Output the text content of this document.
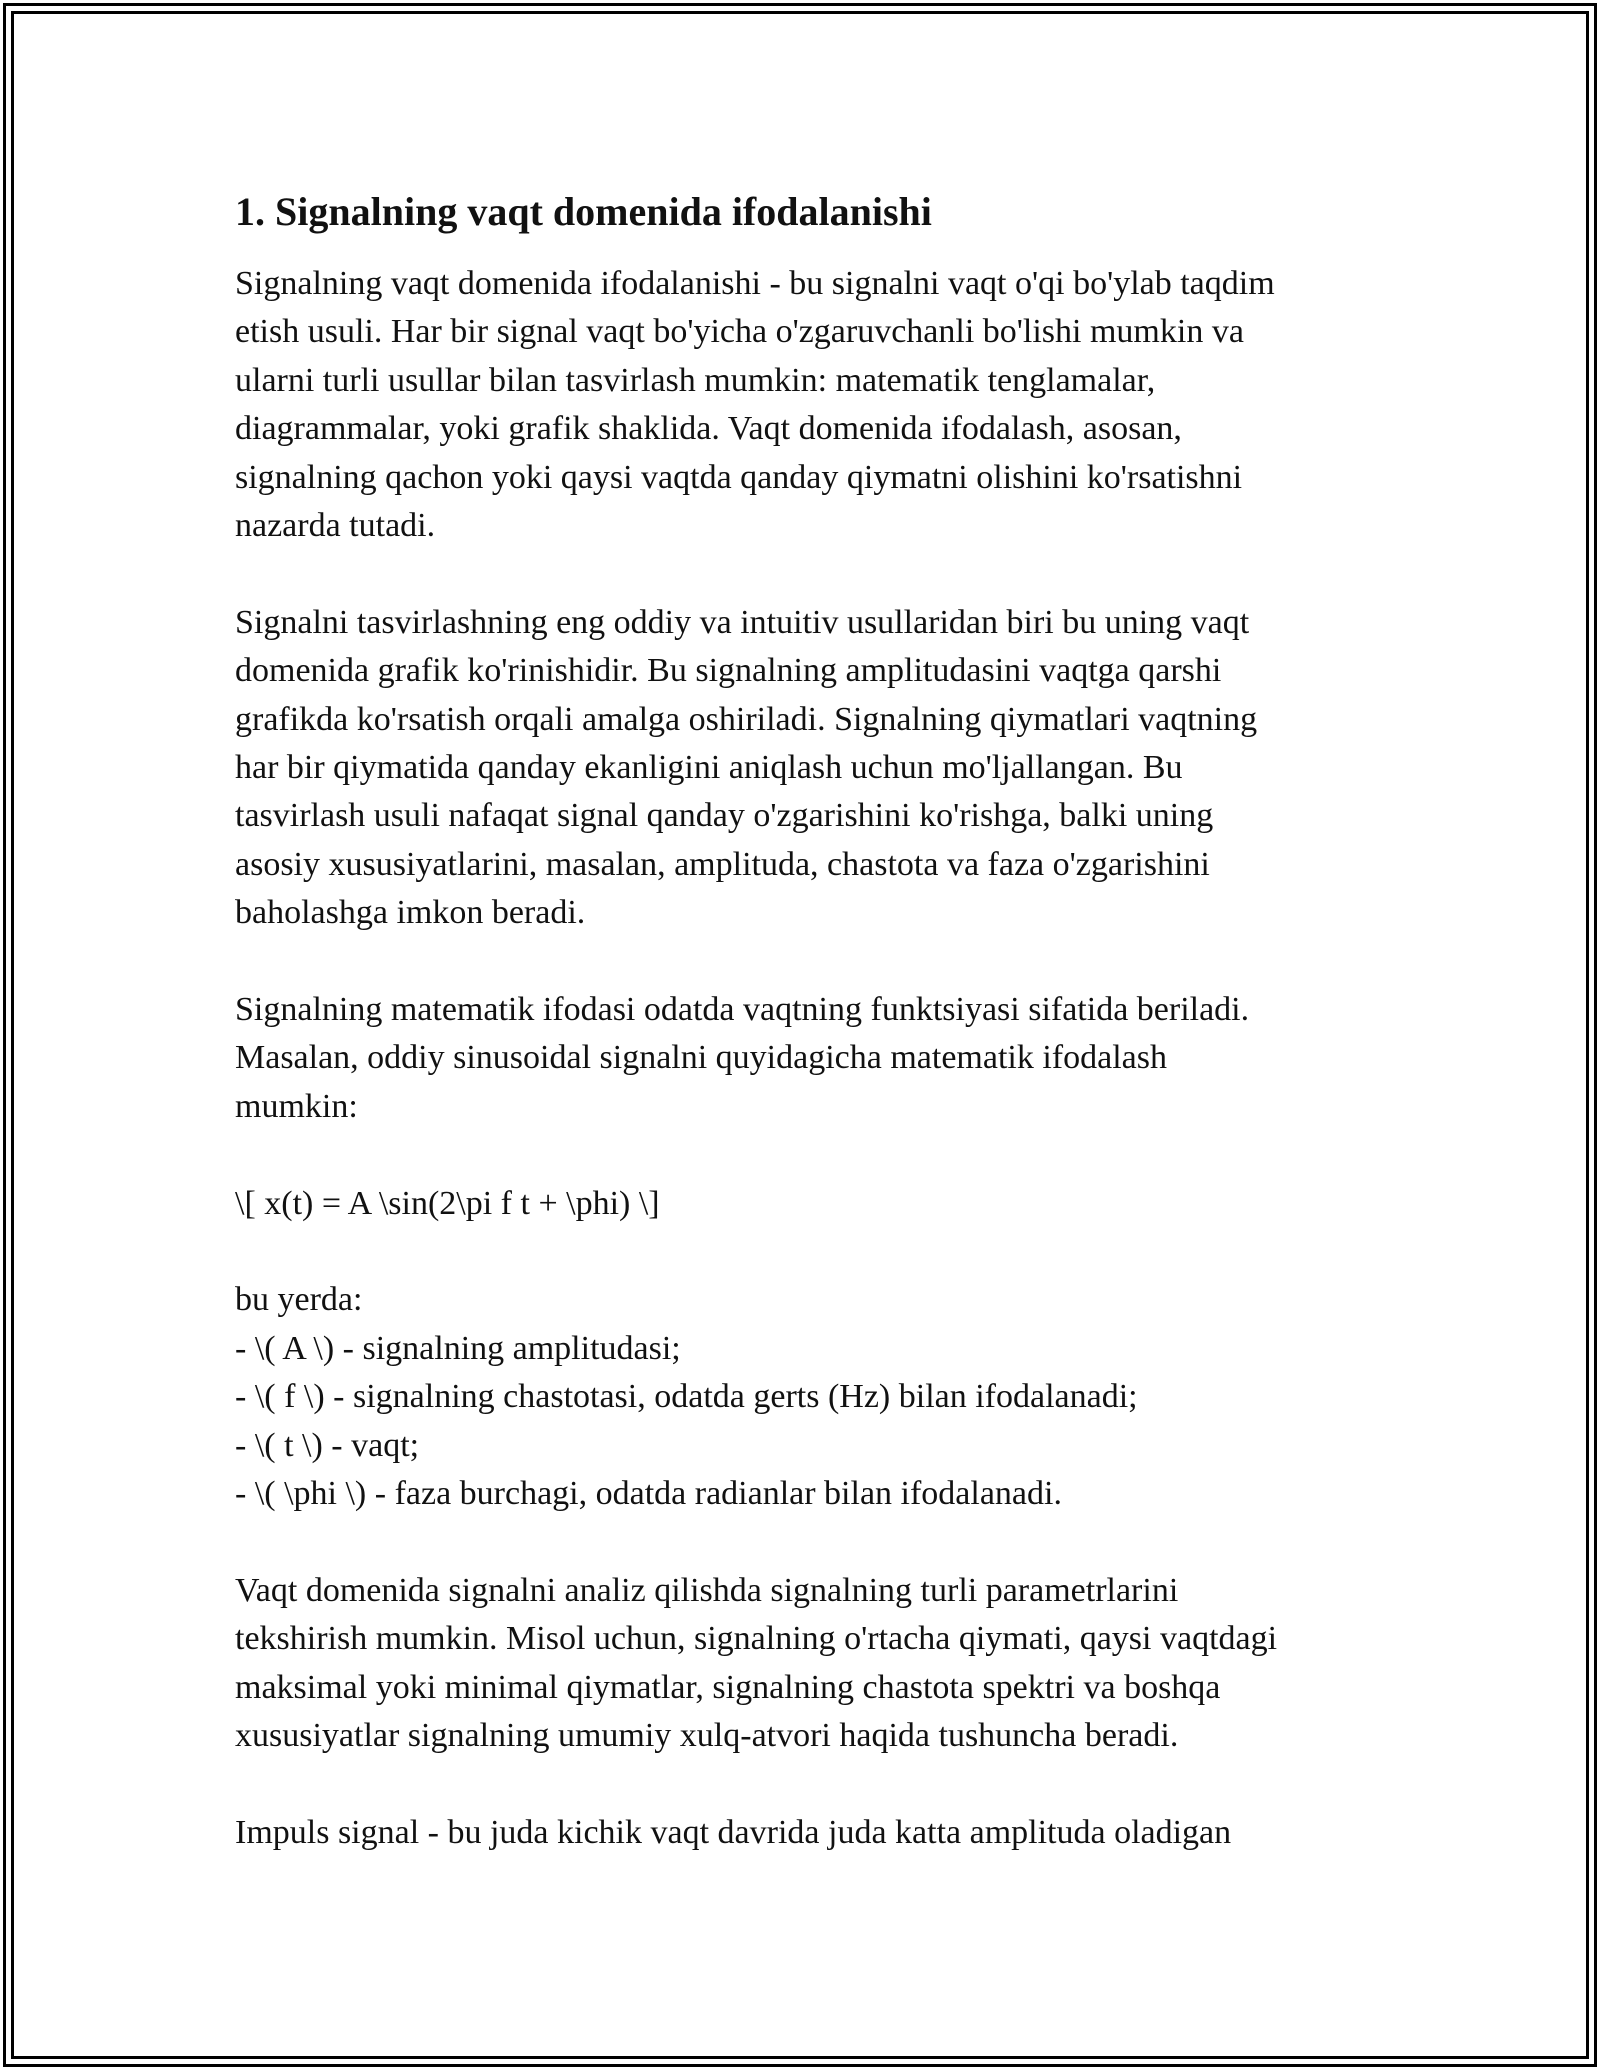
1. Signalning vaqt domenida ifodalanishi

Signalning vaqt domenida ifodalanishi - bu signalni vaqt o'qi bo'ylab taqdim
etish usuli. Har bir signal vaqt bo'yicha o'zgaruvchanli bo'lishi mumkin va
ularni turli usullar bilan tasvirlash mumkin: matematik tenglamalar,
diagrammalar, yoki grafik shaklida. Vaqt domenida ifodalash, asosan,
signalning qachon yoki qaysi vaqtda qanday qiymatni olishini ko'rsatishni
nazarda tutadi.

Signalni tasvirlashning eng oddiy va intuitiv usullaridan biri bu uning vaqt
domenida grafik ko'rinishidir. Bu signalning amplitudasini vaqtga qarshi
grafikda ko'rsatish orqali amalga oshiriladi. Signalning qiymatlari vaqtning
har bir qiymatida qanday ekanligini aniqlash uchun mo'ljallangan. Bu
tasvirlash usuli nafaqat signal qanday o'zgarishini ko'rishga, balki uning
asosiy xususiyatlarini, masalan, amplituda, chastota va faza o'zgarishini
baholashga imkon beradi.

Signalning matematik ifodasi odatda vaqtning funktsiyasi sifatida beriladi.
Masalan, oddiy sinusoidal signalni quyidagicha matematik ifodalash
mumkin:

\[ x(t) = A \sin(2\pi f t + \phi) \]

bu yerda:
- \( A \) - signalning amplitudasi;
- \( f \) - signalning chastotasi, odatda gerts (Hz) bilan ifodalanadi;
- \( t \) - vaqt;
- \( \phi \) - faza burchagi, odatda radianlar bilan ifodalanadi.

Vaqt domenida signalni analiz qilishda signalning turli parametrlarini
tekshirish mumkin. Misol uchun, signalning o'rtacha qiymati, qaysi vaqtdagi
maksimal yoki minimal qiymatlar, signalning chastota spektri va boshqa
xususiyatlar signalning umumiy xulq-atvori haqida tushuncha beradi.

Impuls signal - bu juda kichik vaqt davrida juda katta amplituda oladigan
